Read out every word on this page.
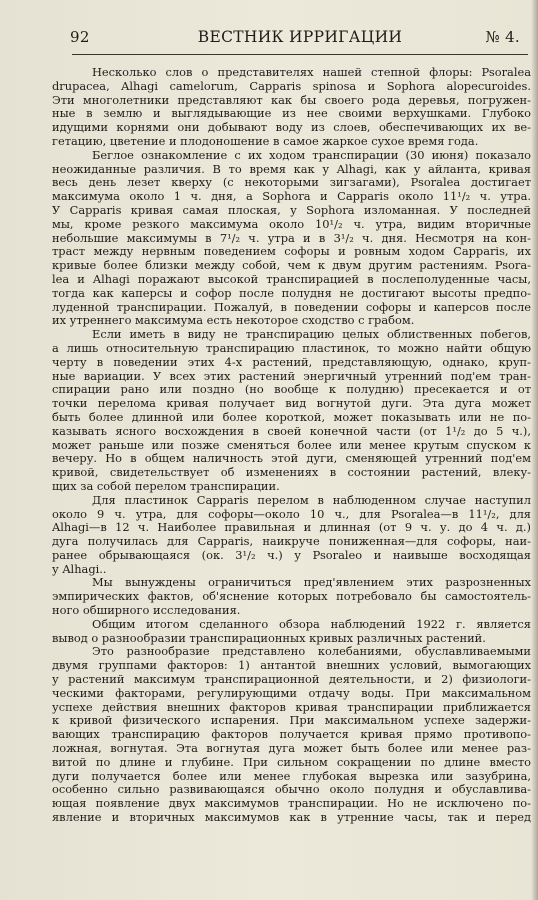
92	ВЕСТНИК ИРРИГАЦИИ	№ 4.
Несколько слов о представителях нашей степной флоры: Psoralea
drupacea, Alhagi camelorum, Capparis spinosa и Sophora alopecuroides.
Эти многолетники представляют как бы своего рода деревья, погружен-
ные в землю и выглядывающие из нее своими верхушками. Глубоко
идущими корнями они добывают воду из слоев, обеспечивающих их ве-
гетацию, цветение и плодоношение в самое жаркое сухое время года.
Беглое ознакомление с их ходом транспирации (30 июня) показало
неожиданные различия. В то время как у Alhagi, как у айланта, кривая
весь день лезет кверху (с некоторыми зигзагами), Psoralea достигает
максимума около 1 ч. дня, а Sophora и Capparis около 11¹/₂ ч. утра.
У Capparis кривая самая плоская, у Sophora изломанная. У последней
мы, кроме резкого максимума около 10¹/₂ ч. утра, видим вторичные
небольшие максимумы в 7¹/₂ ч. утра и в 3¹/₂ ч. дня. Несмотря на кон-
траст между нервным поведением софоры и ровным ходом Capparis, их
кривые более близки между собой, чем к двум другим растениям. Psora-
lea и Alhagi поражают высокой транспирацией в послеполуденные часы,
тогда как каперсы и софор после полудня не достигают высоты предпо-
луденной транспирации. Пожалуй, в поведении софоры и каперсов после
их утреннего максимума есть некоторое сходство с грабом.
Если иметь в виду не транспирацию целых облиственных побегов,
а лишь относительную транспирацию пластинок, то можно найти общую
черту в поведении этих 4-х растений, представляющую, однако, круп-
ные вариации. У всех этих растений энергичный утренний под'ем тран-
спирации рано или поздно (но вообще к полудню) пресекается и от
точки перелома кривая получает вид вогнутой дуги. Эта дуга может
быть более длинной или более короткой, может показывать или не по-
казывать ясного восхождения в своей конечной части (от 1¹/₂ до 5 ч.),
может раньше или позже сменяться более или менее крутым спуском к
вечеру. Но в общем наличность этой дуги, сменяющей утренний под'ем
кривой, свидетельствует об изменениях в состоянии растений, влеку-
щих за собой перелом транспирации.
Для пластинок Capparis перелом в наблюденном случае наступил
около 9 ч. утра, для софоры—около 10 ч., для Psoralea—в 11¹/₂, для
Alhagi—в 12 ч. Наиболее правильная и длинная (от 9 ч. у. до 4 ч. д.)
дуга получилась для Capparis, наикруче пониженная—для софоры, наи-
ранее обрывающаяся (ок. 3¹/₂ ч.) у Psoraleo и наивыше восходящая
у Alhagi..
Мы вынуждены ограничиться пред'явлением этих разрозненных
эмпирических фактов, об'яснение которых потребовало бы самостоятель-
ного обширного исследования.
Общим итогом сделанного обзора наблюдений 1922 г. является
вывод о разнообразии транспирационных кривых различных растений.
Это разнообразие представлено колебаниями, обуславливаемыми
двумя группами факторов: 1) антантой внешних условий, вымогающих
у растений максимум транспирационной деятельности, и 2) физиологи-
ческими факторами, регулирующими отдачу воды. При максимальном
успехе действия внешних факторов кривая транспирации приближается
к кривой физического испарения. При максимальном успехе задержи-
вающих транспирацию факторов получается кривая прямо противопо-
ложная, вогнутая. Эта вогнутая дуга может быть более или менее раз-
витой по длине и глубине. При сильном сокращении по длине вместо
дуги получается более или менее глубокая вырезка или зазубрина,
особенно сильно развивающаяся обычно около полудня и обуславлива-
ющая появление двух максимумов транспирации. Но не исключено по-
явление и вторичных максимумов как в утренние часы, так и перед
